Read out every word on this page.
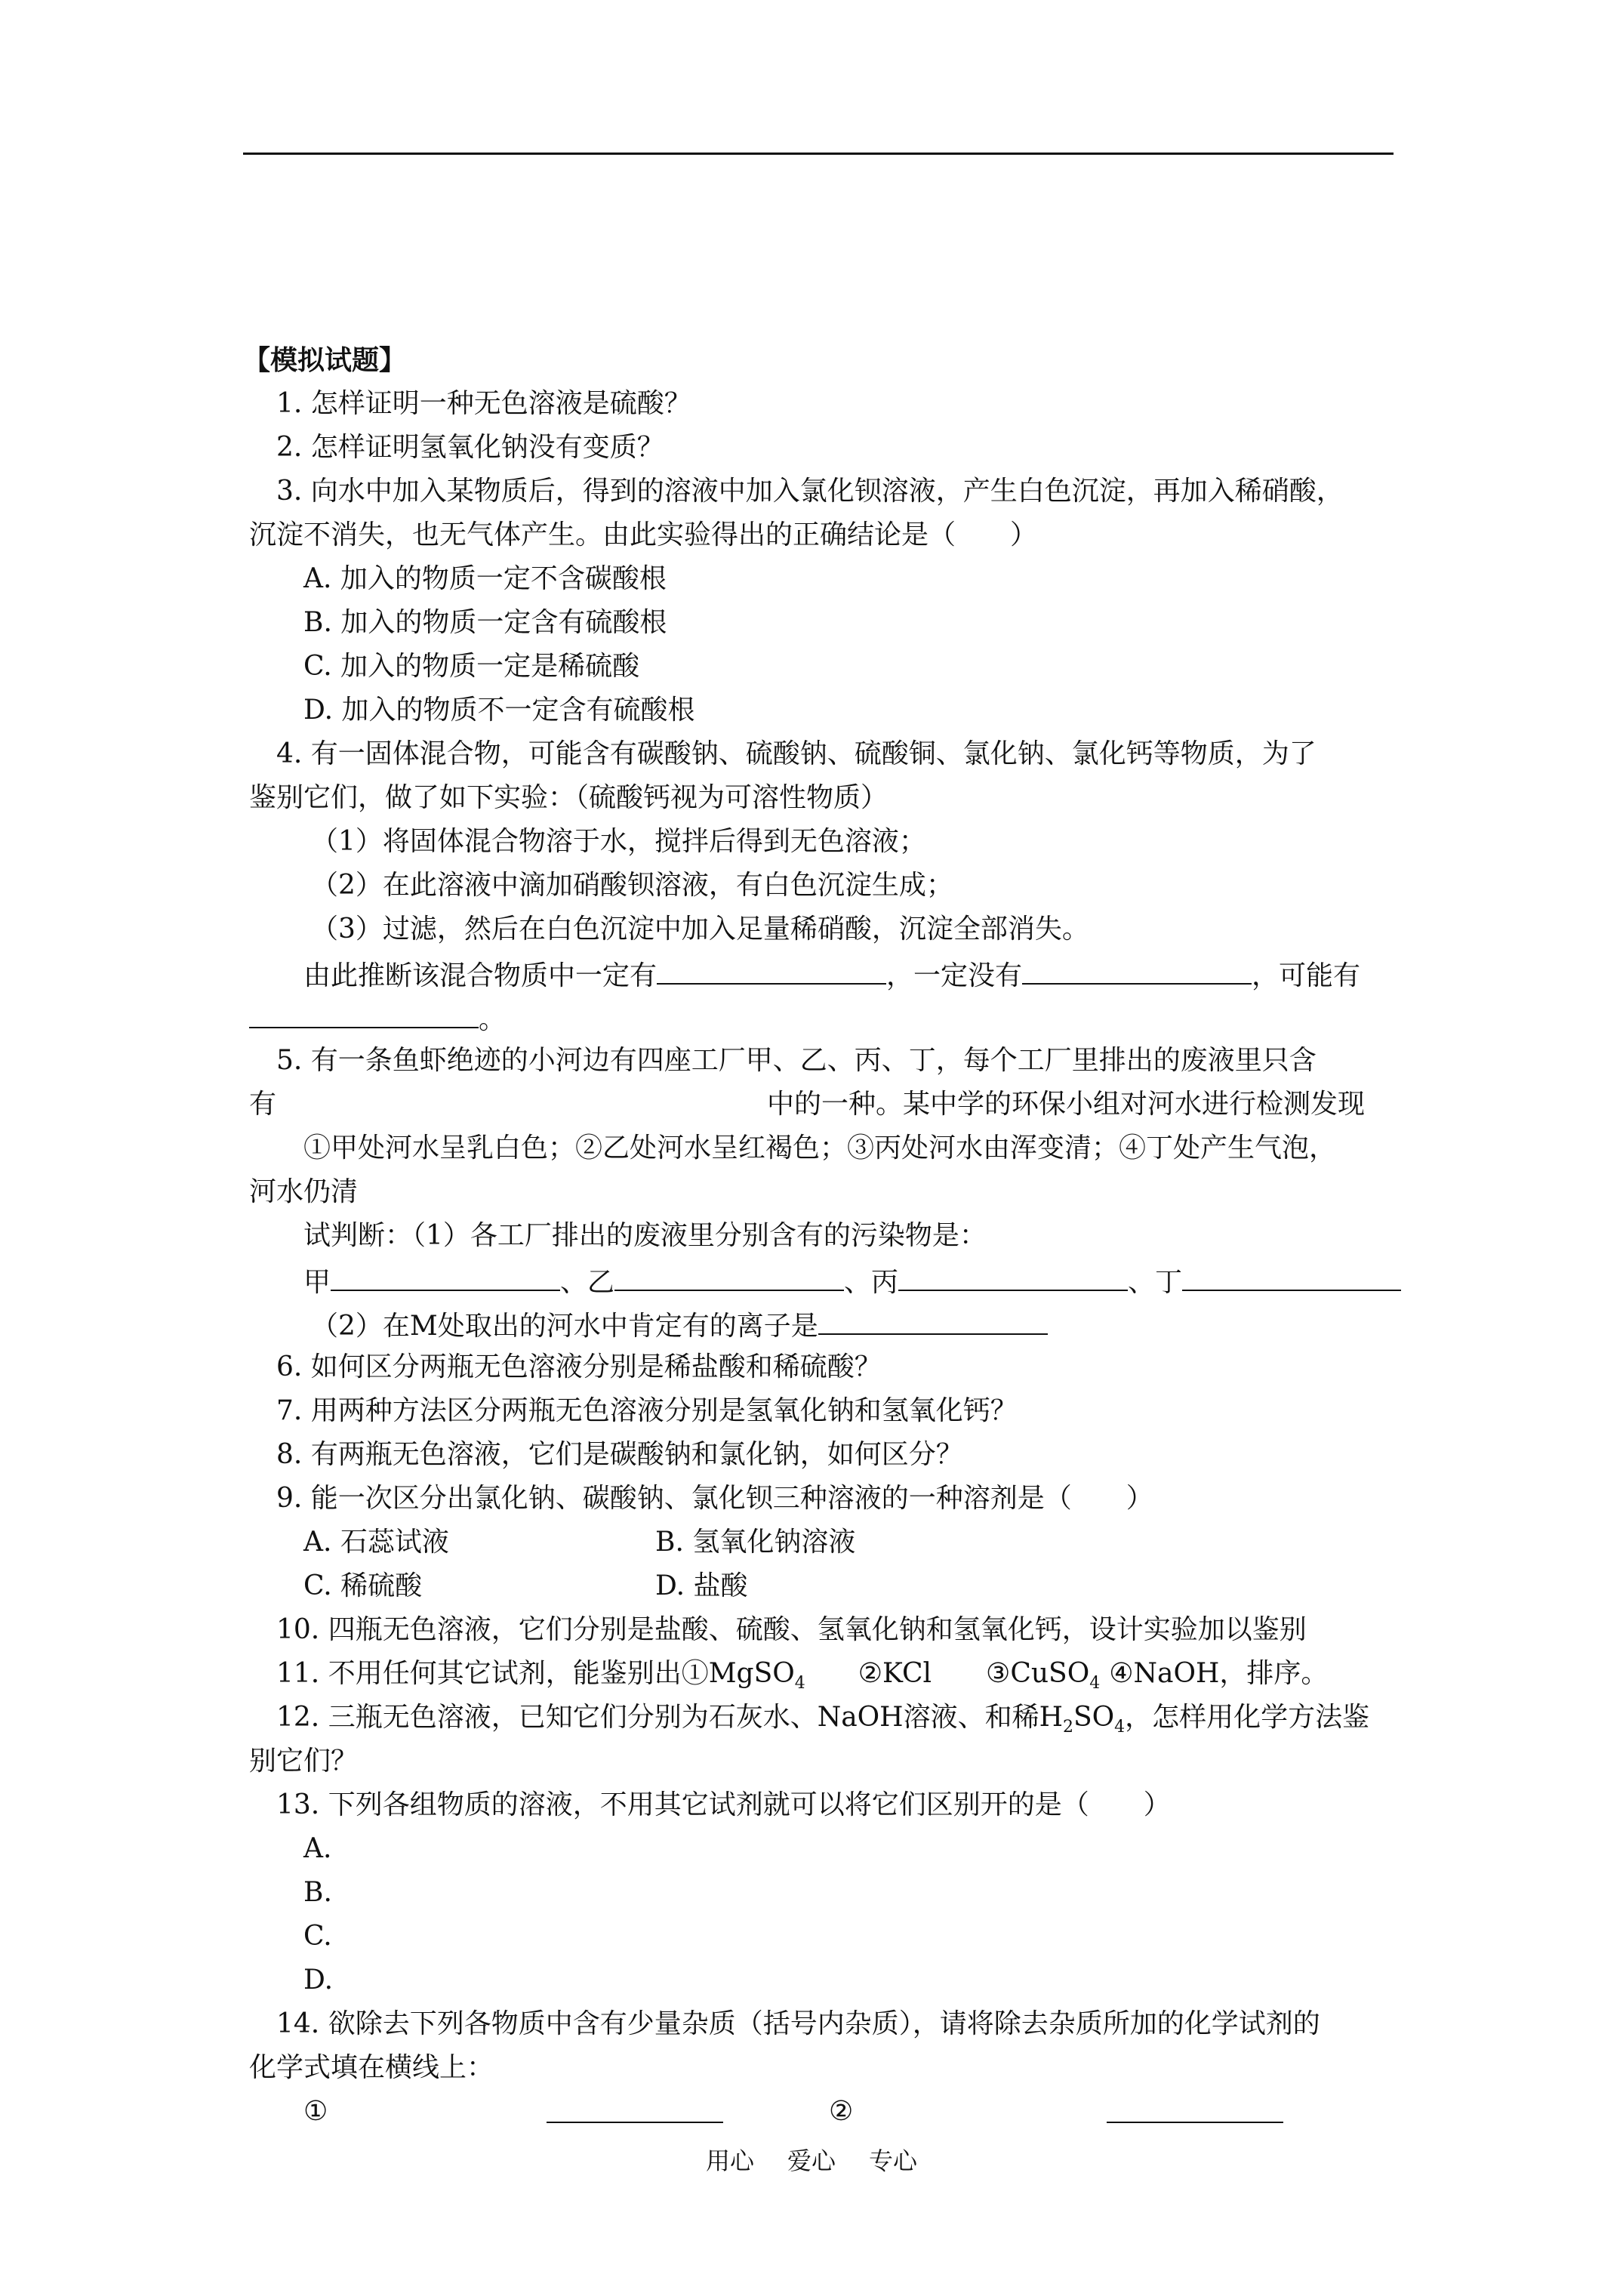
【模拟试题】
1. 怎样证明一种无色溶液是硫酸？
2. 怎样证明氢氧化钠没有变质？
3. 向水中加入某物质后，得到的溶液中加入氯化钡溶液，产生白色沉淀，再加入稀硝酸，
沉淀不消失，也无气体产生。由此实验得出的正确结论是（　　）
A. 加入的物质一定不含碳酸根
B. 加入的物质一定含有硫酸根
C. 加入的物质一定是稀硫酸
D. 加入的物质不一定含有硫酸根
4. 有一固体混合物，可能含有碳酸钠、硫酸钠、硫酸铜、氯化钠、氯化钙等物质，为了
鉴别它们，做了如下实验：（硫酸钙视为可溶性物质）
（1）将固体混合物溶于水，搅拌后得到无色溶液；
（2）在此溶液中滴加硝酸钡溶液，有白色沉淀生成；
（3）过滤，然后在白色沉淀中加入足量稀硝酸，沉淀全部消失。
由此推断该混合物质中一定有	，一定没有	，可能有
。
5. 有一条鱼虾绝迹的小河边有四座工厂甲、乙、丙、丁，每个工厂里排出的废液里只含
有	中的一种。某中学的环保小组对河水进行检测发现
①甲处河水呈乳白色；②乙处河水呈红褐色；③丙处河水由浑变清；④丁处产生气泡，
河水仍清
试判断：（1）各工厂排出的废液里分别含有的污染物是：
甲	、乙	、丙	、丁
（2）在M处取出的河水中肯定有的离子是
6. 如何区分两瓶无色溶液分别是稀盐酸和稀硫酸？
7. 用两种方法区分两瓶无色溶液分别是氢氧化钠和氢氧化钙？
8. 有两瓶无色溶液，它们是碳酸钠和氯化钠，如何区分？
9. 能一次区分出氯化钠、碳酸钠、氯化钡三种溶液的一种溶剂是（　　）
A. 石蕊试液	B. 氢氧化钠溶液
C. 稀硫酸	D. 盐酸
10. 四瓶无色溶液，它们分别是盐酸、硫酸、氢氧化钠和氢氧化钙，设计实验加以鉴别
11. 不用任何其它试剂，能鉴别出①MgSO$_4$ ②KCl ③CuSO$_4$ ④NaOH，排序。
12. 三瓶无色溶液，已知它们分别为石灰水、NaOH溶液、和稀$H_2SO_4$，怎样用化学方法鉴
别它们？
13. 下列各组物质的溶液，不用其它试剂就可以将它们区别开的是（　　）
A.
B.
C.
D.
14. 欲除去下列各物质中含有少量杂质（括号内杂质），请将除去杂质所加的化学试剂的
化学式填在横线上：
①	②
用心 爱心 专心
